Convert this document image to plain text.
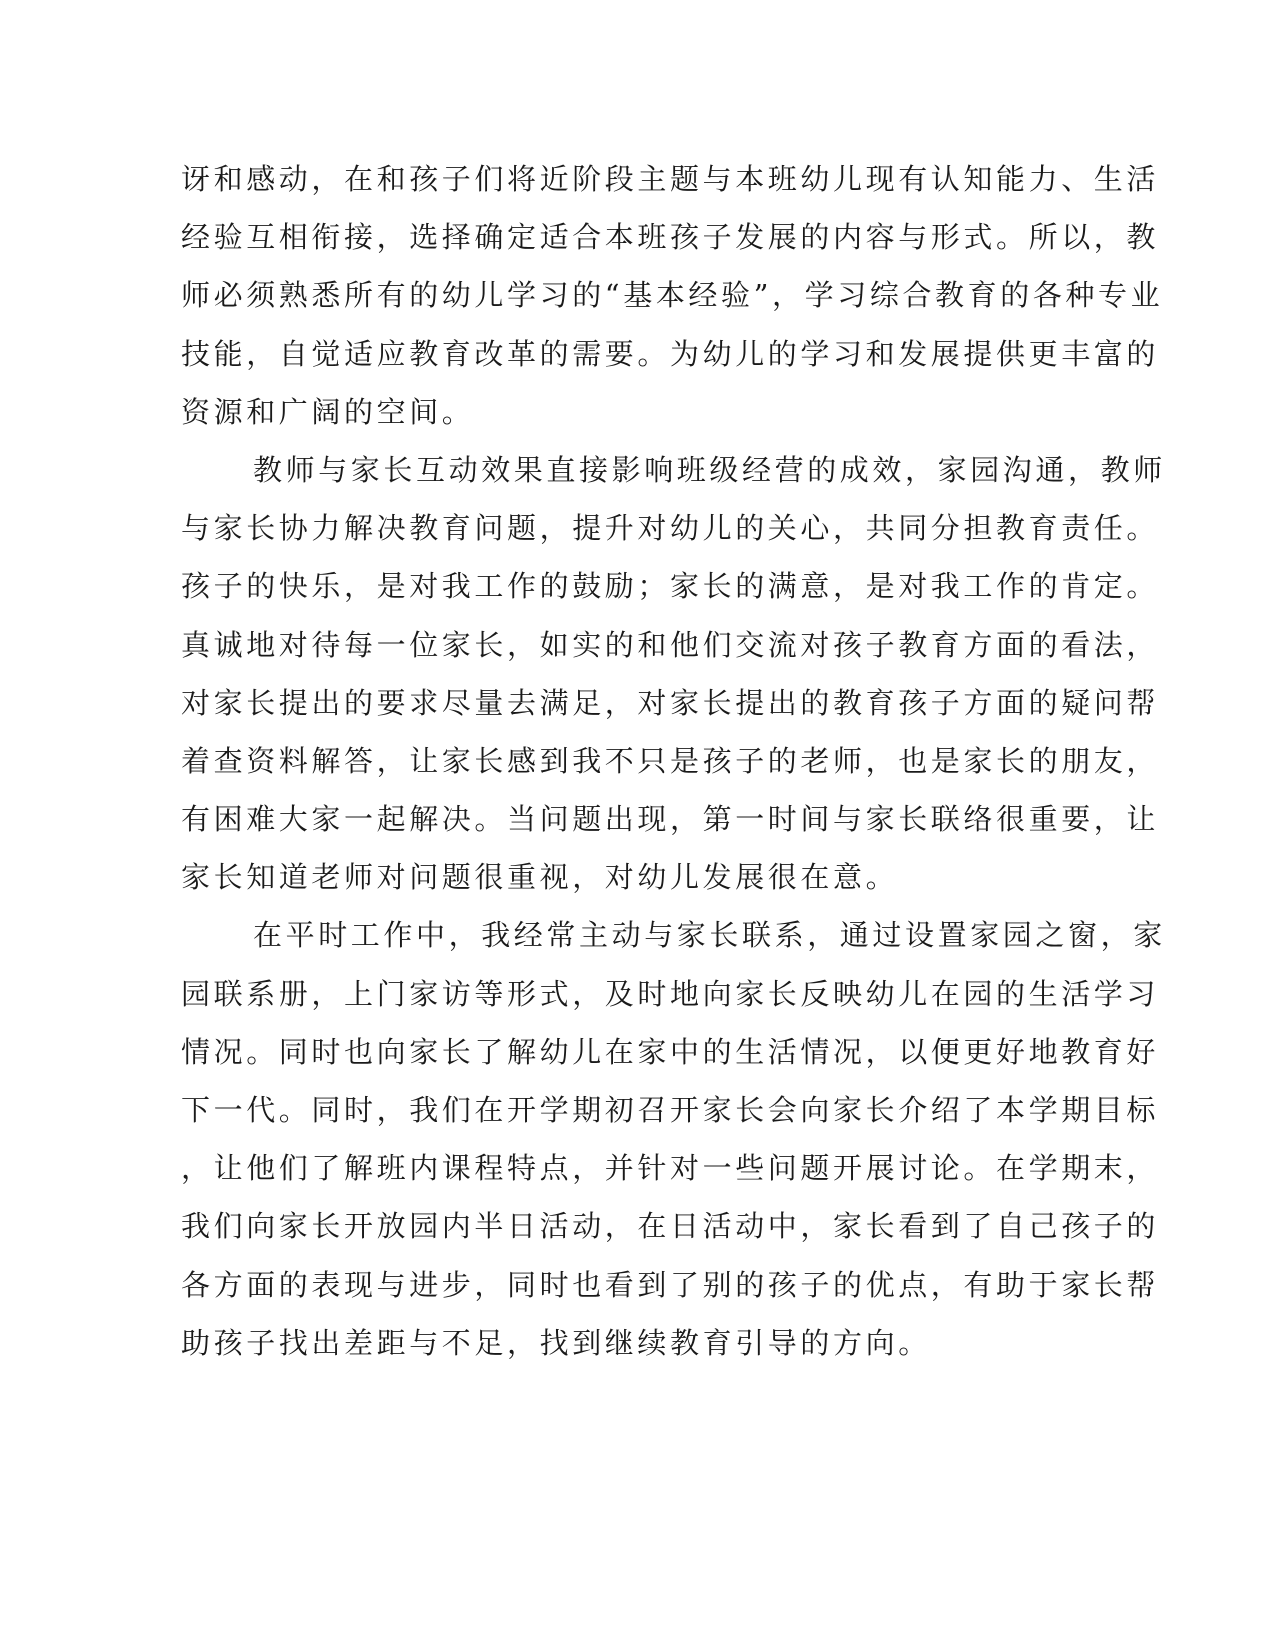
讶和感动，在和孩子们将近阶段主题与本班幼儿现有认知能力、生活
经验互相衔接，选择确定适合本班孩子发展的内容与形式。所以，教
师必须熟悉所有的幼儿学习的“基本经验”，学习综合教育的各种专业
技能，自觉适应教育改革的需要。为幼儿的学习和发展提供更丰富的
资源和广阔的空间。
教师与家长互动效果直接影响班级经营的成效，家园沟通，教师
与家长协力解决教育问题，提升对幼儿的关心，共同分担教育责任。
孩子的快乐，是对我工作的鼓励；家长的满意，是对我工作的肯定。
真诚地对待每一位家长，如实的和他们交流对孩子教育方面的看法，
对家长提出的要求尽量去满足，对家长提出的教育孩子方面的疑问帮
着查资料解答，让家长感到我不只是孩子的老师，也是家长的朋友，
有困难大家一起解决。当问题出现，第一时间与家长联络很重要，让
家长知道老师对问题很重视，对幼儿发展很在意。
在平时工作中，我经常主动与家长联系，通过设置家园之窗，家
园联系册，上门家访等形式，及时地向家长反映幼儿在园的生活学习
情况。同时也向家长了解幼儿在家中的生活情况，以便更好地教育好
下一代。同时，我们在开学期初召开家长会向家长介绍了本学期目标
，让他们了解班内课程特点，并针对一些问题开展讨论。在学期末，
我们向家长开放园内半日活动，在日活动中，家长看到了自己孩子的
各方面的表现与进步，同时也看到了别的孩子的优点，有助于家长帮
助孩子找出差距与不足，找到继续教育引导的方向。
